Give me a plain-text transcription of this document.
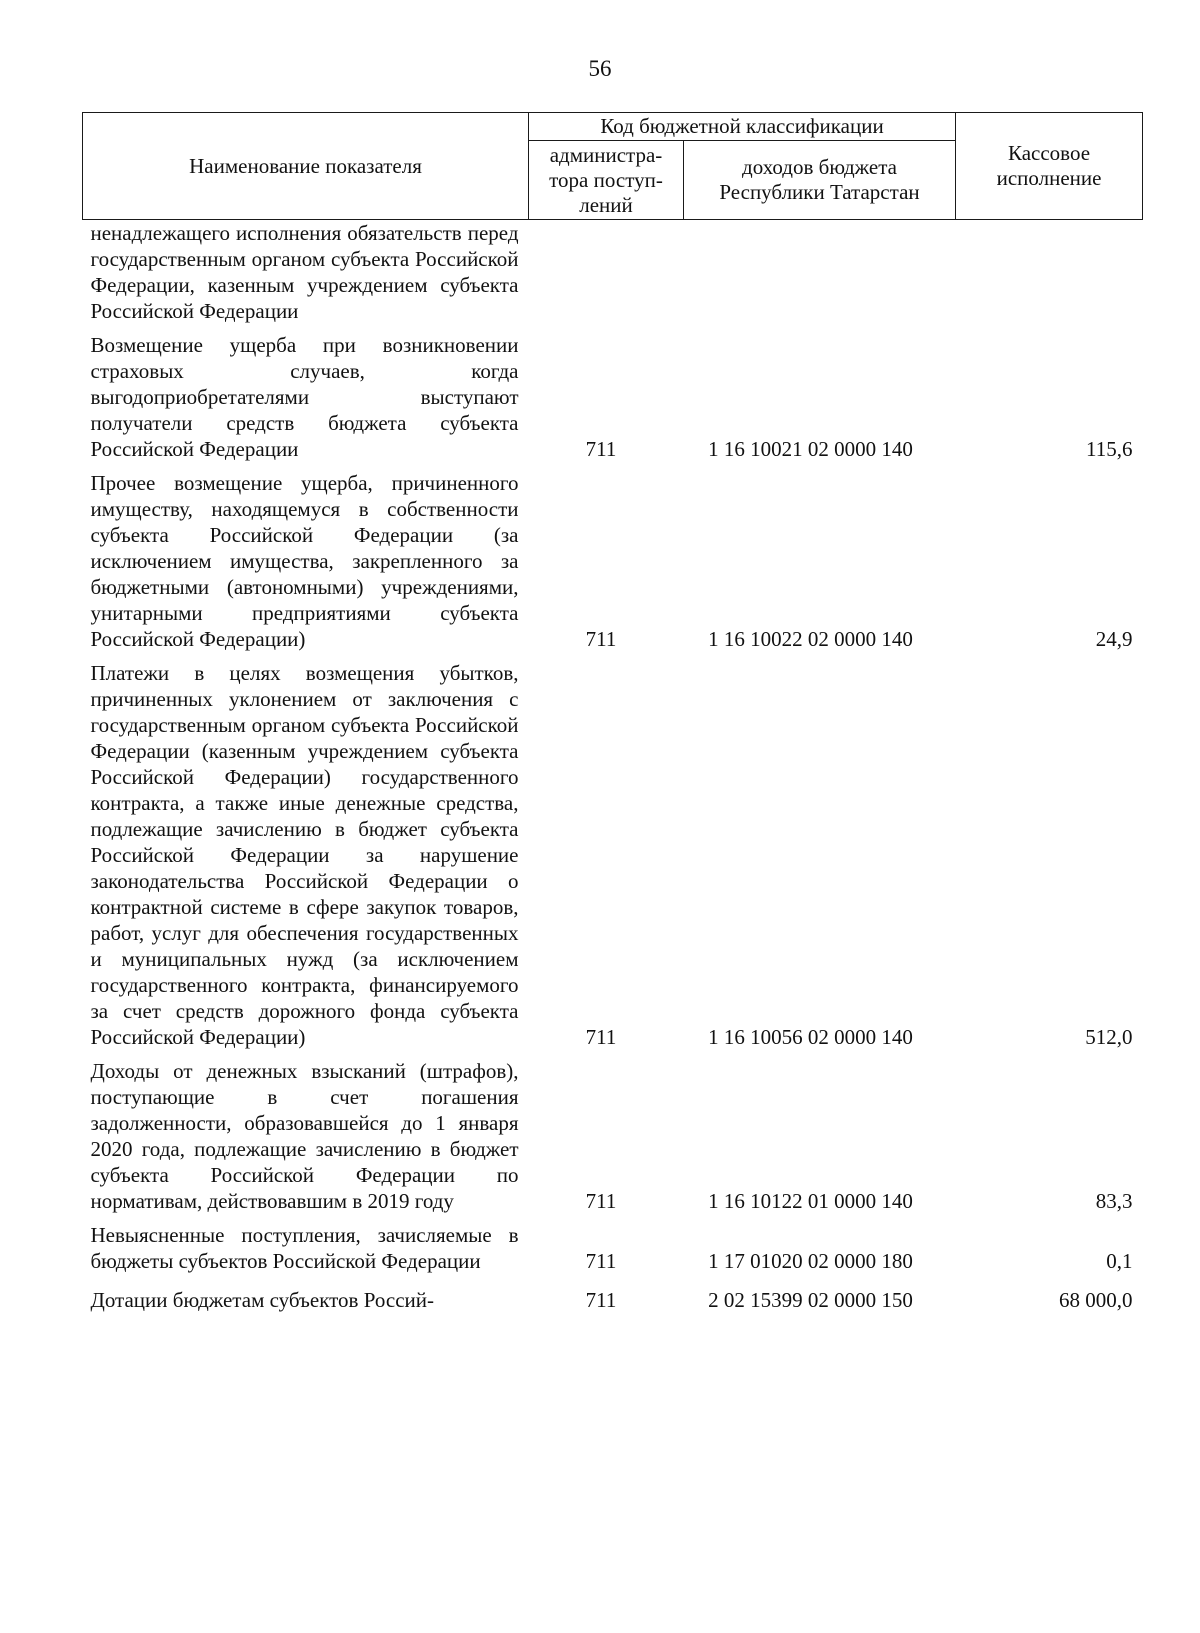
56
Наименование показателя	Код бюджетной классификации		Кассовое исполнение
	администра-тора поступ-лений	доходов бюджета Республики Татарстан	
ненадлежащего исполнения обязательств перед государственным органом субъекта Российской Федерации, казенным учреждением субъекта Российской Федерации			
Возмещение ущерба при возникновении страховых случаев, когда выгодоприобретателями выступают получатели средств бюджета субъекта Российской Федерации	711	1 16 10021 02 0000 140	115,6
Прочее возмещение ущерба, причиненного имуществу, находящемуся в собственности субъекта Российской Федерации (за исключением имущества, закрепленного за бюджетными (автономными) учреждениями, унитарными предприятиями субъекта Российской Федерации)	711	1 16 10022 02 0000 140	24,9
Платежи в целях возмещения убытков, причиненных уклонением от заключения с государственным органом субъекта Российской Федерации (казенным учреждением субъекта Российской Федерации) государственного контракта, а также иные денежные средства, подлежащие зачислению в бюджет субъекта Российской Федерации за нарушение законодательства Российской Федерации о контрактной системе в сфере закупок товаров, работ, услуг для обеспечения государственных и муниципальных нужд (за исключением государственного контракта, финансируемого за счет средств дорожного фонда субъекта Российской Федерации)	711	1 16 10056 02 0000 140	512,0
Доходы от денежных взысканий (штрафов), поступающие в счет погашения задолженности, образовавшейся до 1 января 2020 года, подлежащие зачислению в бюджет субъекта Российской Федерации по нормативам, действовавшим в 2019 году	711	1 16 10122 01 0000 140	83,3
Невыясненные поступления, зачисляемые в бюджеты субъектов Российской Федерации	711	1 17 01020 02 0000 180	0,1
Дотации бюджетам субъектов Россий-	711	2 02 15399 02 0000 150	68 000,0
